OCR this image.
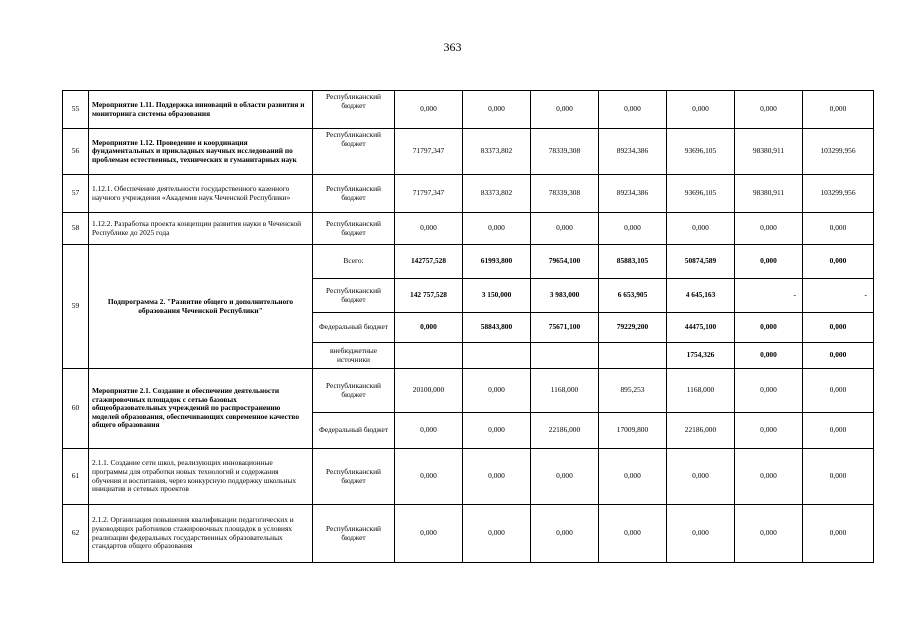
363
55	Мероприятие 1.11. Поддержка инноваций в области развития и мониторинга системы образования	Республиканский бюджет	0,000	0,000	0,000	0,000	0,000	0,000	0,000
56	Мероприятие 1.12. Проведение и координация фундаментальных и прикладных научных исследований по проблемам естественных, технических и гуманитарных наук	Республиканский бюджет	71797,347	83373,802	78339,308	89234,386	93696,105	98380,911	103299,956
57	1.12.1. Обеспечение деятельности государственного казенного научного учреждения «Академия наук Чеченской Республики»	Республиканский бюджет	71797,347	83373,802	78339,308	89234,386	93696,105	98380,911	103299,956
58	1.12.2. Разработка проекта концепции развития науки в Чеченской Республике до 2025 года	Республиканский бюджет	0,000	0,000	0,000	0,000	0,000	0,000	0,000
59	Подпрограмма 2. "Развитие общего и дополнительного образования Чеченской Республики"	Всего:	142757,528	61993,800	79654,100	85883,105	50874,589	0,000	0,000
		Республиканский бюджет	142 757,528	3 150,000	3 983,000	6 653,905	4 645,163	-	-
		Федеральный бюджет	0,000	58843,800	75671,100	79229,200	44475,100	0,000	0,000
		внебюджетные источники					1754,326	0,000	0,000
60	Мероприятие 2.1. Создание и обеспечение деятельности стажировочных площадок с сетью базовых общеобразовательных учреждений по распространению моделей образования, обеспечивающих современное качество общего образования	Республиканский бюджет	20100,000	0,000	1168,000	895,253	1168,000	0,000	0,000
		Федеральный бюджет	0,000	0,000	22186,000	17009,800	22186,000	0,000	0,000
61	2.1.1. Создание сети школ, реализующих инновационные программы для отработки новых технологий и содержания обучения и воспитания, через конкурсную поддержку школьных инициатив и сетевых проектов	Республиканский бюджет	0,000	0,000	0,000	0,000	0,000	0,000	0,000
62	2.1.2. Организация повышения квалификации педагогических и руководящих работников стажировочных площадок в условиях реализации федеральных государственных образовательных стандартов общего образования	Республиканский бюджет	0,000	0,000	0,000	0,000	0,000	0,000	0,000
